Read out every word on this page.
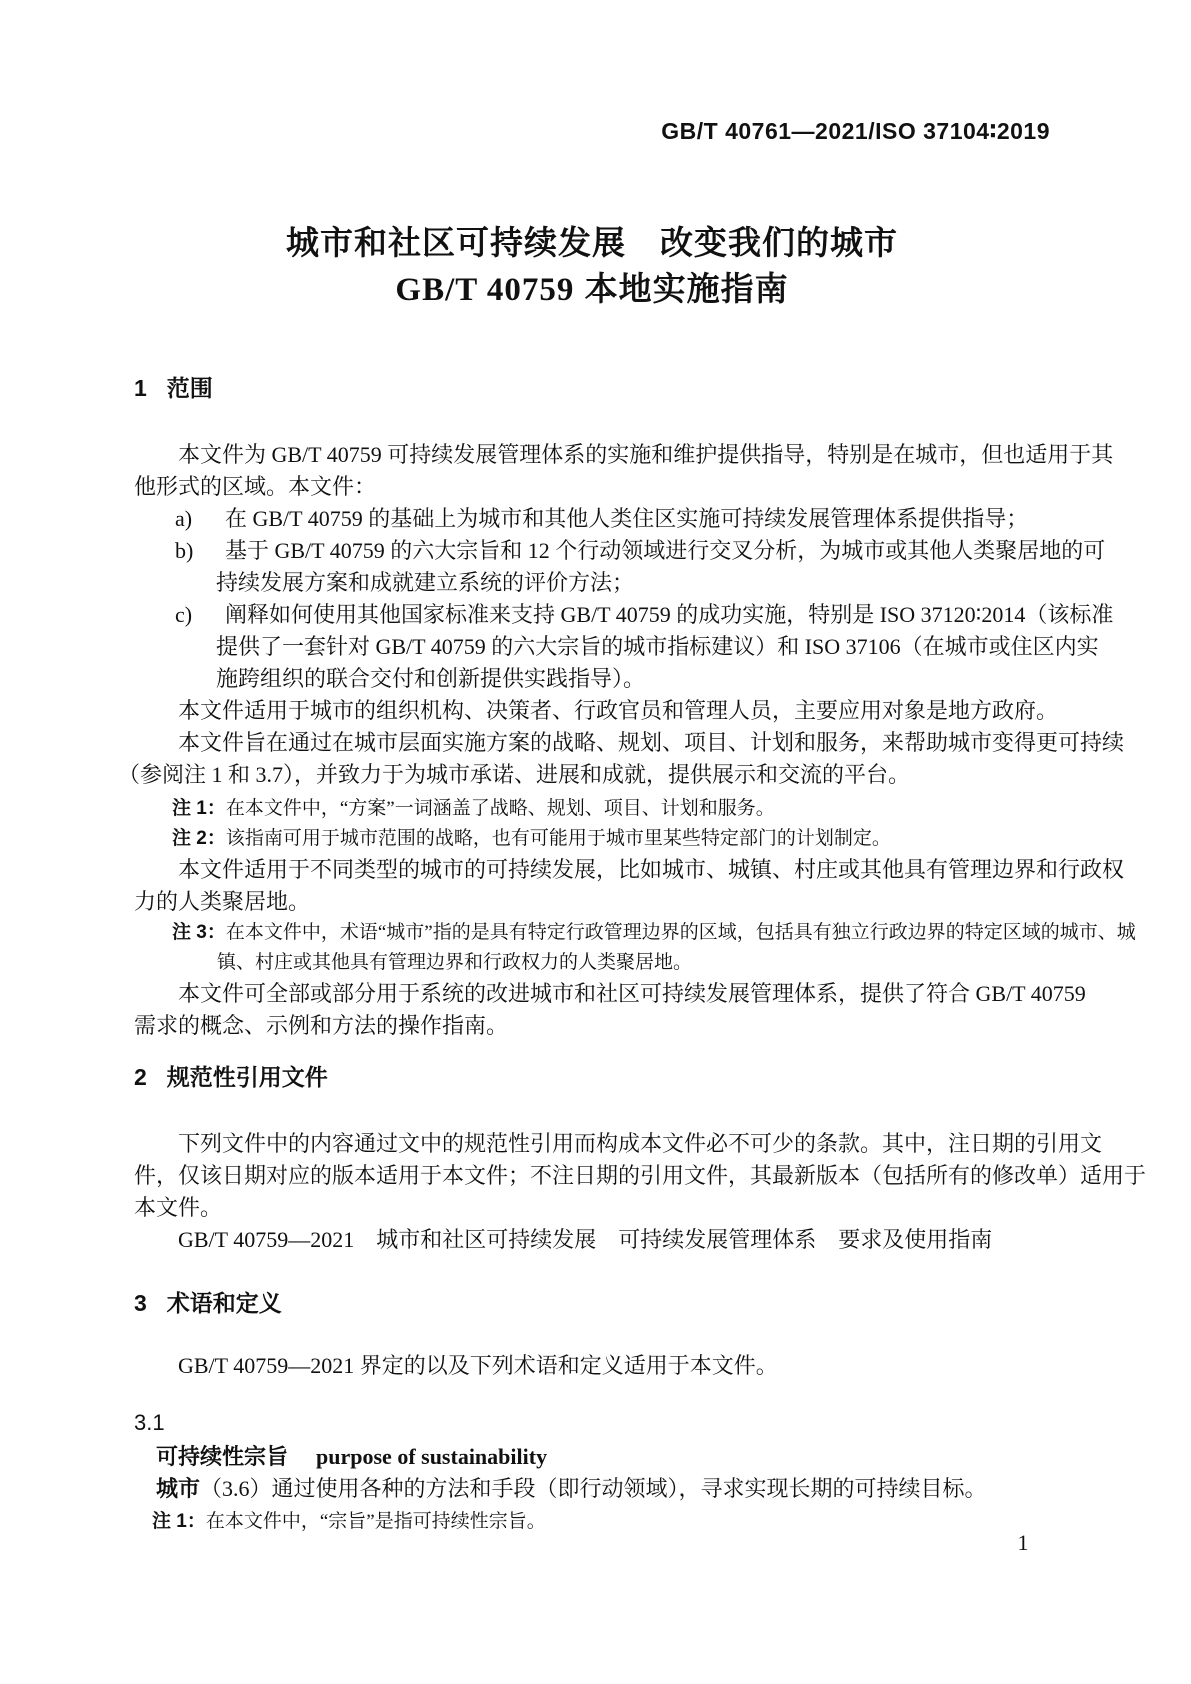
GB/T 40761—2021/ISO 37104∶2019
城市和社区可持续发展　改变我们的城市
GB/T 40759 本地实施指南
1 范围
本文件为 GB/T 40759 可持续发展管理体系的实施和维护提供指导，特别是在城市，但也适用于其
他形式的区域。本文件：
a) 在 GB/T 40759 的基础上为城市和其他人类住区实施可持续发展管理体系提供指导；
b) 基于 GB/T 40759 的六大宗旨和 12 个行动领域进行交叉分析，为城市或其他人类聚居地的可
持续发展方案和成就建立系统的评价方法；
c) 阐释如何使用其他国家标准来支持 GB/T 40759 的成功实施，特别是 ISO 37120∶2014（该标准
提供了一套针对 GB/T 40759 的六大宗旨的城市指标建议）和 ISO 37106（在城市或住区内实
施跨组织的联合交付和创新提供实践指导）。
本文件适用于城市的组织机构、决策者、行政官员和管理人员，主要应用对象是地方政府。
本文件旨在通过在城市层面实施方案的战略、规划、项目、计划和服务，来帮助城市变得更可持续
（参阅注 1 和 3.7），并致力于为城市承诺、进展和成就，提供展示和交流的平台。
注 1：在本文件中，“方案”一词涵盖了战略、规划、项目、计划和服务。
注 2：该指南可用于城市范围的战略，也有可能用于城市里某些特定部门的计划制定。
本文件适用于不同类型的城市的可持续发展，比如城市、城镇、村庄或其他具有管理边界和行政权
力的人类聚居地。
注 3：在本文件中，术语“城市”指的是具有特定行政管理边界的区域，包括具有独立行政边界的特定区域的城市、城
镇、村庄或其他具有管理边界和行政权力的人类聚居地。
本文件可全部或部分用于系统的改进城市和社区可持续发展管理体系，提供了符合 GB/T 40759
需求的概念、示例和方法的操作指南。
2 规范性引用文件
下列文件中的内容通过文中的规范性引用而构成本文件必不可少的条款。其中，注日期的引用文
件，仅该日期对应的版本适用于本文件；不注日期的引用文件，其最新版本（包括所有的修改单）适用于
本文件。
GB/T 40759—2021　城市和社区可持续发展　可持续发展管理体系　要求及使用指南
3 术语和定义
GB/T 40759—2021 界定的以及下列术语和定义适用于本文件。
3.1
可持续性宗旨 purpose of sustainability
城市（3.6）通过使用各种的方法和手段（即行动领域），寻求实现长期的可持续目标。
注 1：在本文件中，“宗旨”是指可持续性宗旨。
1
